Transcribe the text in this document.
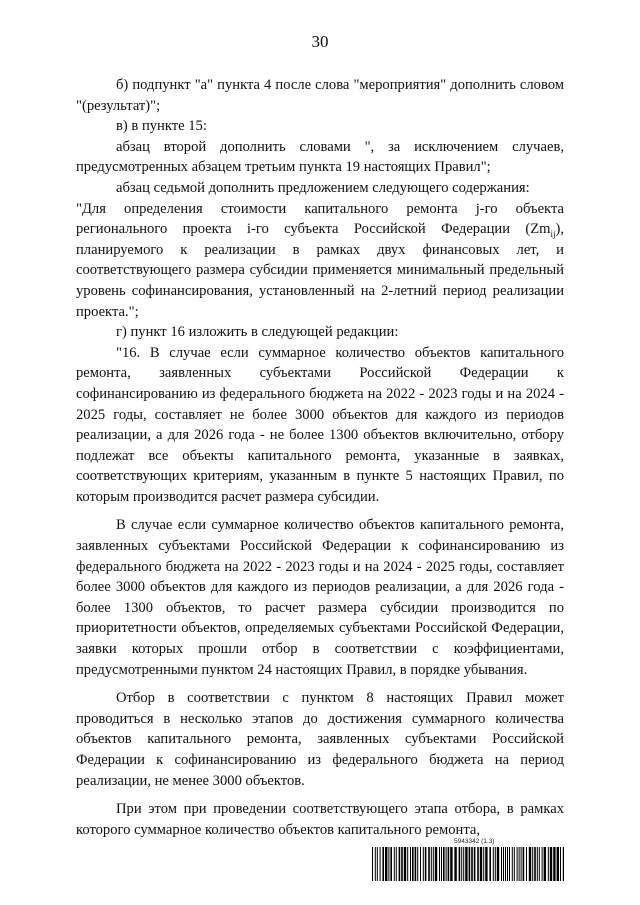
30

б) подпункт "а" пункта 4 после слова "мероприятия" дополнить словом "(результат)";

в) в пункте 15:

абзац второй дополнить словами ", за исключением случаев, предусмотренных абзацем третьим пункта 19 настоящих Правил";

абзац седьмой дополнить предложением следующего содержания:

"Для определения стоимости капитального ремонта j-го объекта регионального проекта i-го субъекта Российской Федерации $(Zm_{ij})$, планируемого к реализации в рамках двух финансовых лет, и соответствующего размера субсидии применяется минимальный предельный уровень софинансирования, установленный на 2-летний период реализации проекта.";

г) пункт 16 изложить в следующей редакции:

"16. В случае если суммарное количество объектов капитального ремонта, заявленных субъектами Российской Федерации к софинансированию из федерального бюджета на 2022 - 2023 годы и на 2024 - 2025 годы, составляет не более 3000 объектов для каждого из периодов реализации, а для 2026 года - не более 1300 объектов включительно, отбору подлежат все объекты капитального ремонта, указанные в заявках, соответствующих критериям, указанным в пункте 5 настоящих Правил, по которым производится расчет размера субсидии.

В случае если суммарное количество объектов капитального ремонта, заявленных субъектами Российской Федерации к софинансированию из федерального бюджета на 2022 - 2023 годы и на 2024 - 2025 годы, составляет более 3000 объектов для каждого из периодов реализации, а для 2026 года - более 1300 объектов, то расчет размера субсидии производится по приоритетности объектов, определяемых субъектами Российской Федерации, заявки которых прошли отбор в соответствии с коэффициентами, предусмотренными пунктом 24 настоящих Правил, в порядке убывания.

Отбор в соответствии с пунктом 8 настоящих Правил может проводиться в несколько этапов до достижения суммарного количества объектов капитального ремонта, заявленных субъектами Российской Федерации к софинансированию из федерального бюджета на период реализации, не менее 3000 объектов.

При этом при проведении соответствующего этапа отбора, в рамках которого суммарное количество объектов капитального ремонта,

5943342 (1.3)
